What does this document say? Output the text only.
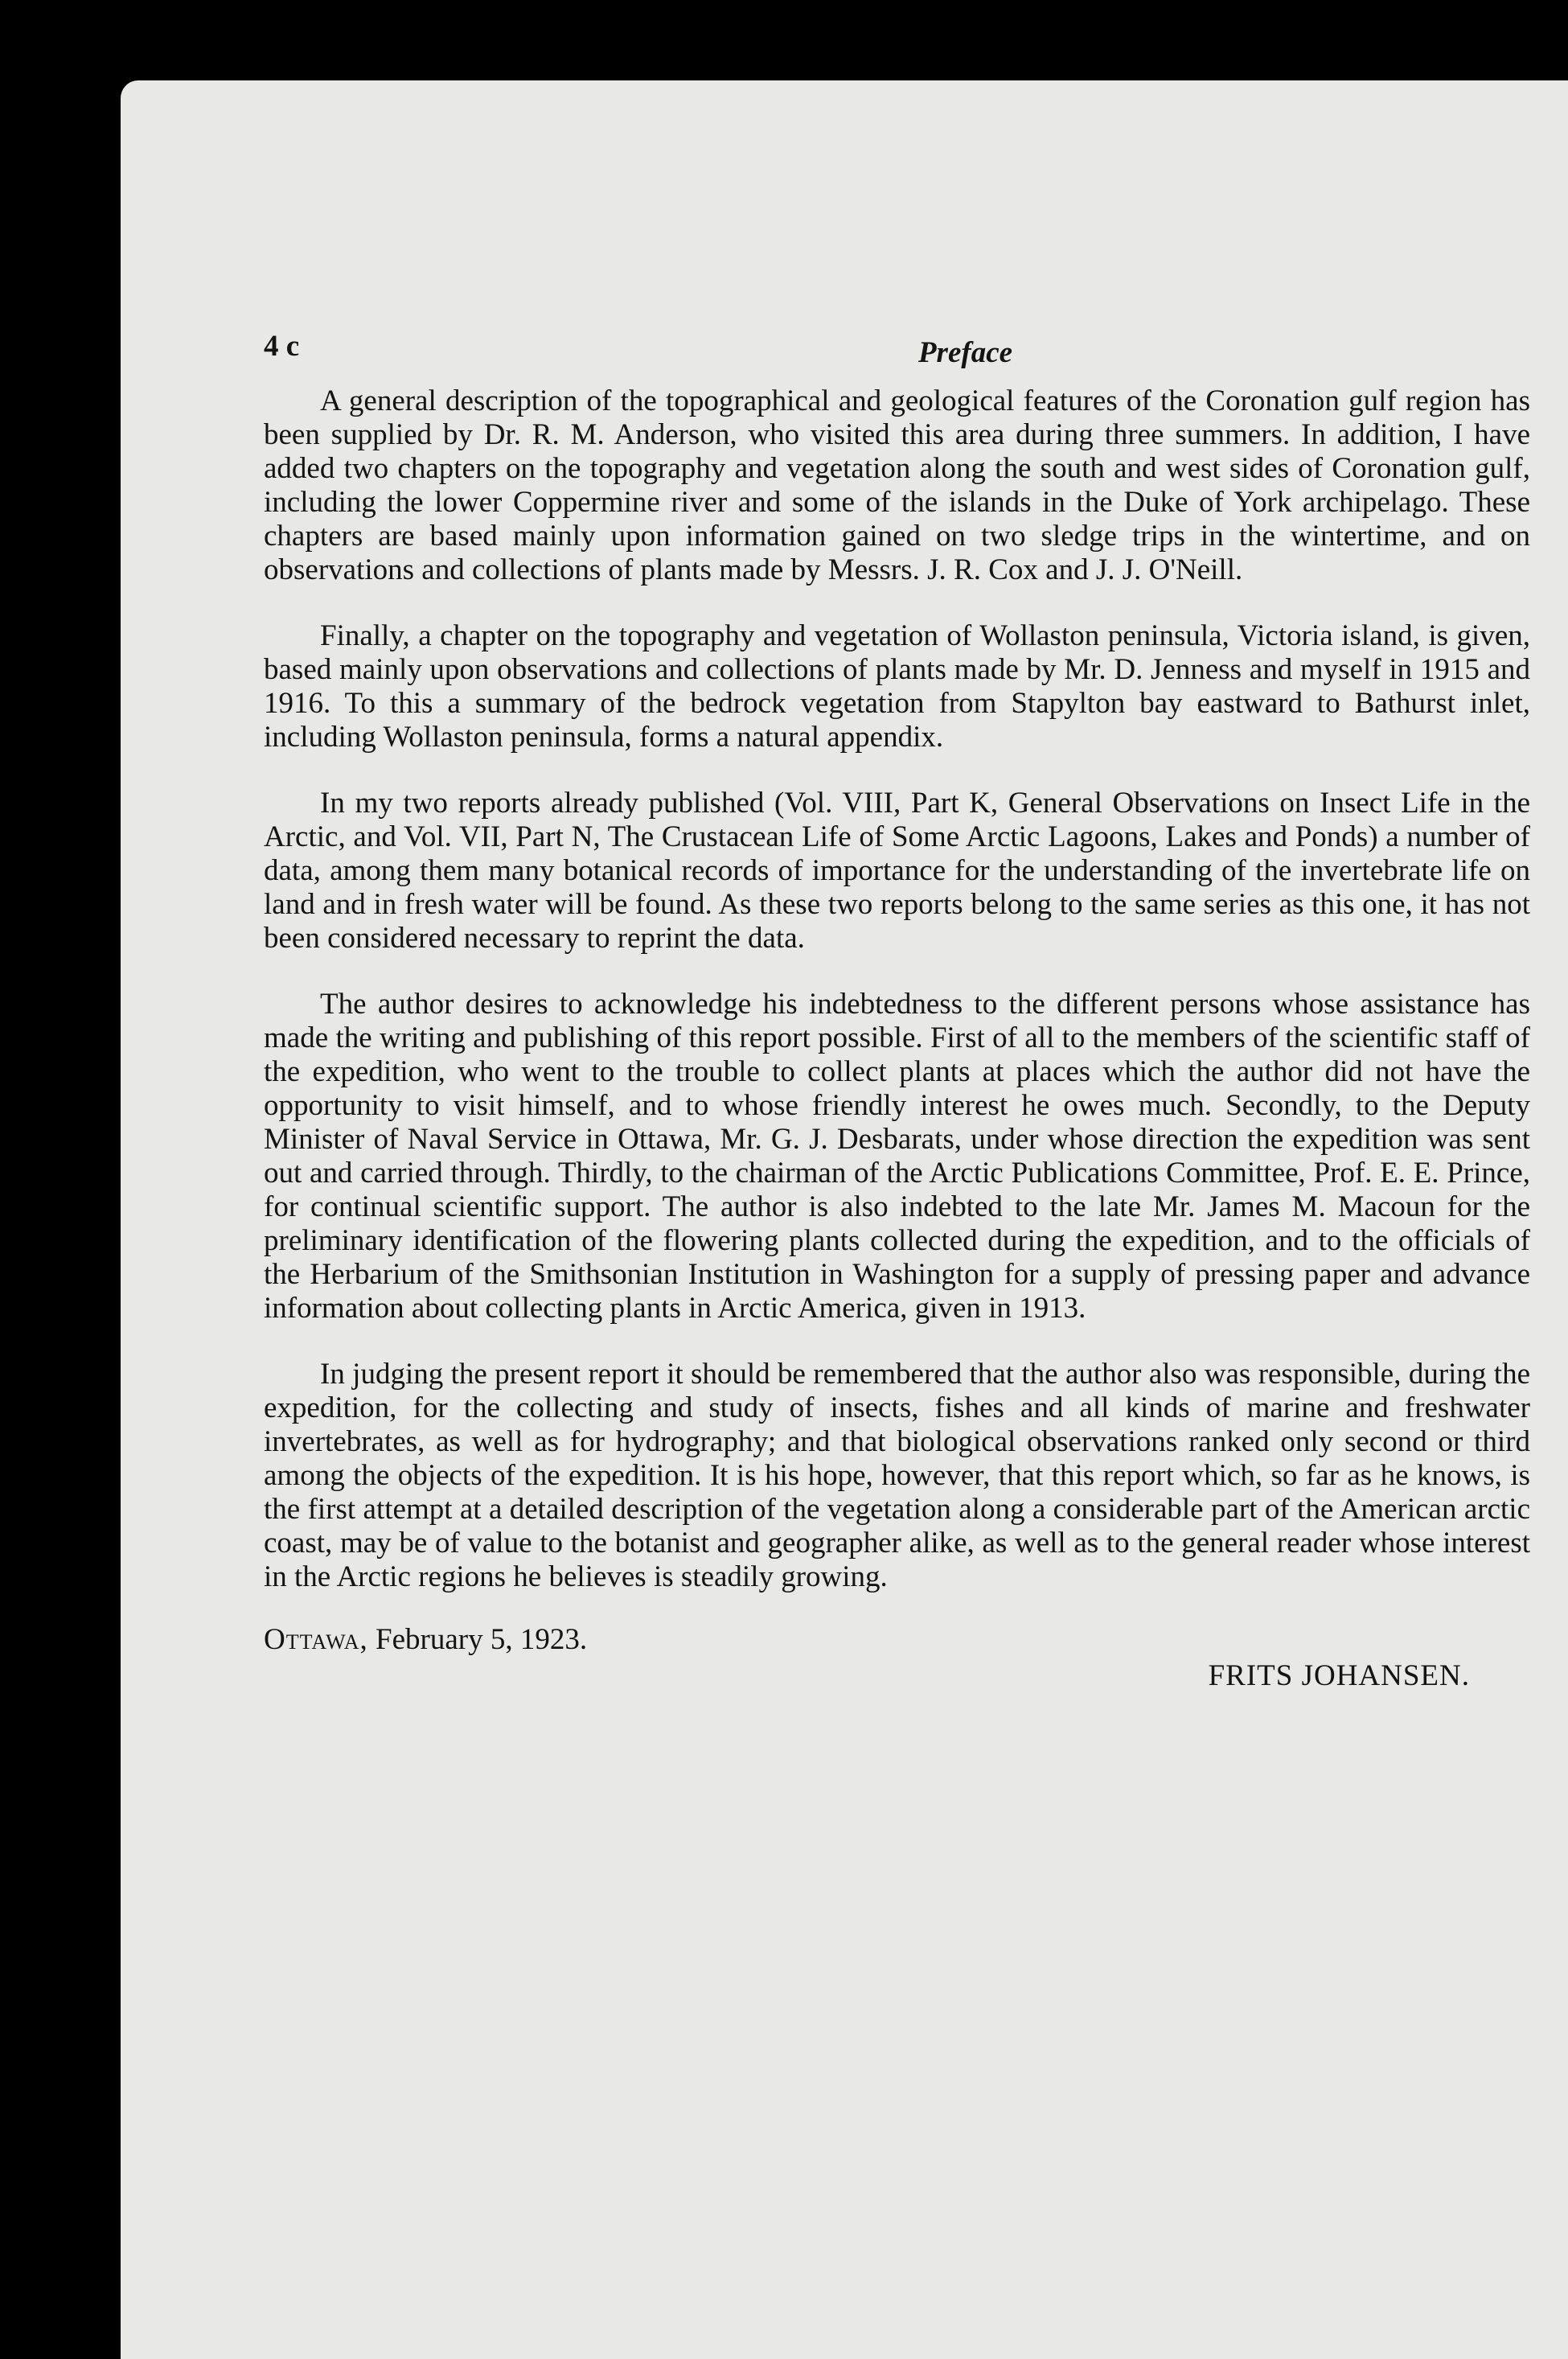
4 c	Preface

A general description of the topographical and geological features of the Coronation gulf region has been supplied by Dr. R. M. Anderson, who visited this area during three summers. In addition, I have added two chapters on the topography and vegetation along the south and west sides of Coronation gulf, including the lower Coppermine river and some of the islands in the Duke of York archipelago. These chapters are based mainly upon information gained on two sledge trips in the wintertime, and on observations and collections of plants made by Messrs. J. R. Cox and J. J. O'Neill.

Finally, a chapter on the topography and vegetation of Wollaston peninsula, Victoria island, is given, based mainly upon observations and collections of plants made by Mr. D. Jenness and myself in 1915 and 1916. To this a summary of the bedrock vegetation from Stapylton bay eastward to Bathurst inlet, including Wollaston peninsula, forms a natural appendix.

In my two reports already published (Vol. VIII, Part K, General Observations on Insect Life in the Arctic, and Vol. VII, Part N, The Crustacean Life of Some Arctic Lagoons, Lakes and Ponds) a number of data, among them many botanical records of importance for the understanding of the invertebrate life on land and in fresh water will be found. As these two reports belong to the same series as this one, it has not been considered necessary to reprint the data.

The author desires to acknowledge his indebtedness to the different persons whose assistance has made the writing and publishing of this report possible. First of all to the members of the scientific staff of the expedition, who went to the trouble to collect plants at places which the author did not have the opportunity to visit himself, and to whose friendly interest he owes much. Secondly, to the Deputy Minister of Naval Service in Ottawa, Mr. G. J. Desbarats, under whose direction the expedition was sent out and carried through. Thirdly, to the chairman of the Arctic Publications Committee, Prof. E. E. Prince, for continual scientific support. The author is also indebted to the late Mr. James M. Macoun for the preliminary identification of the flowering plants collected during the expedition, and to the officials of the Herbarium of the Smithsonian Institution in Washington for a supply of pressing paper and advance information about collecting plants in Arctic America, given in 1913.

In judging the present report it should be remembered that the author also was responsible, during the expedition, for the collecting and study of insects, fishes and all kinds of marine and freshwater invertebrates, as well as for hydrography; and that biological observations ranked only second or third among the objects of the expedition. It is his hope, however, that this report which, so far as he knows, is the first attempt at a detailed description of the vegetation along a considerable part of the American arctic coast, may be of value to the botanist and geographer alike, as well as to the general reader whose interest in the Arctic regions he believes is steadily growing.

Ottawa, February 5, 1923.
FRITS JOHANSEN.
